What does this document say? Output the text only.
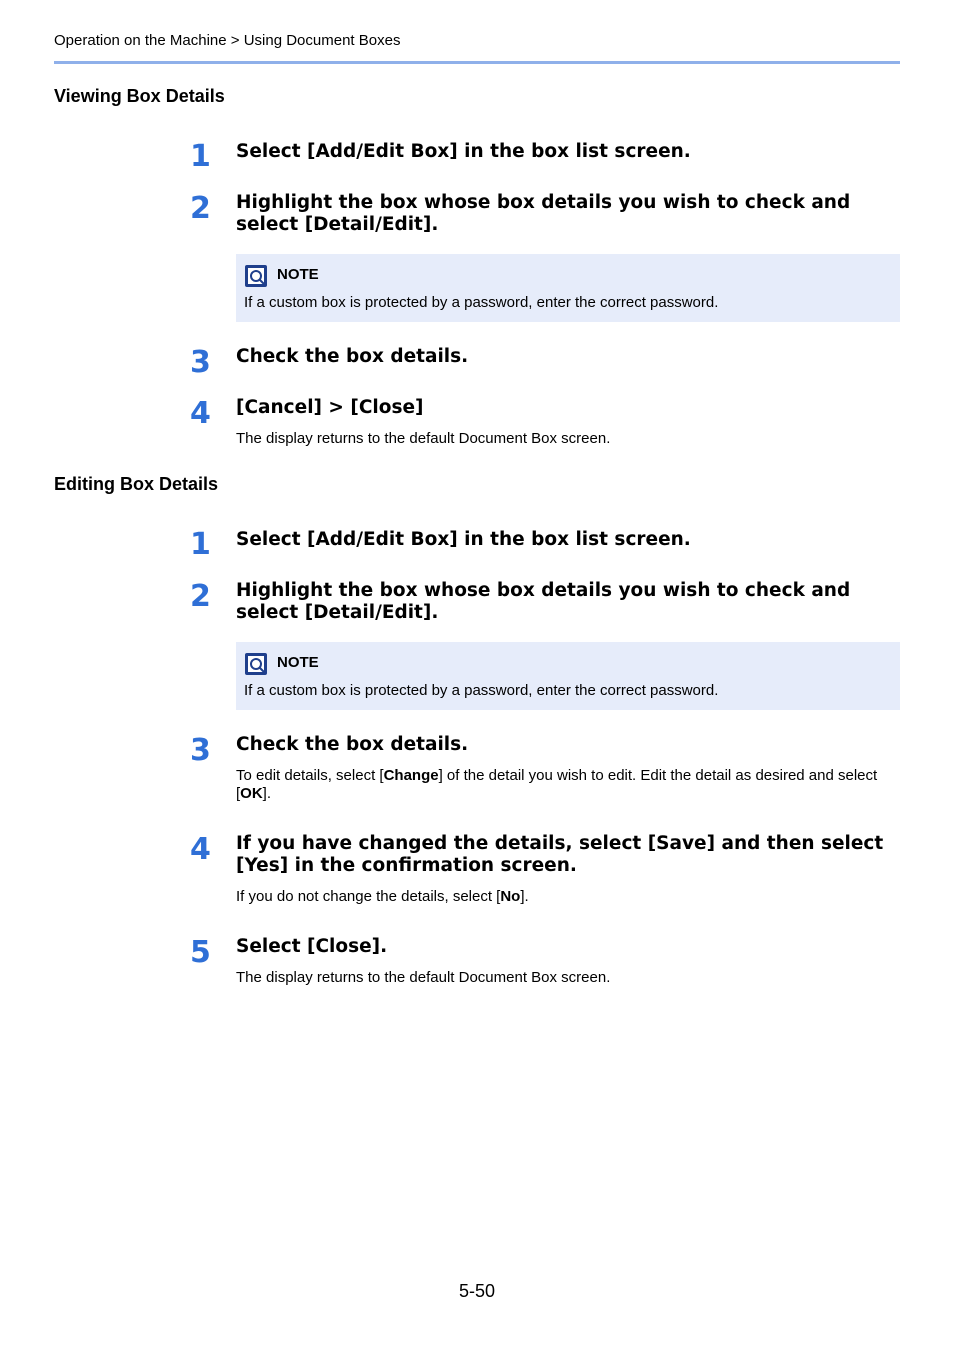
Operation on the Machine > Using Document Boxes
Viewing Box Details
1	Select [Add/Edit Box] in the box list screen.
2	Highlight the box whose box details you wish to check and select [Detail/Edit].
NOTE
If a custom box is protected by a password, enter the correct password.
3	Check the box details.
4	[Cancel] > [Close]
The display returns to the default Document Box screen.
Editing Box Details
1	Select [Add/Edit Box] in the box list screen.
2	Highlight the box whose box details you wish to check and select [Detail/Edit].
NOTE
If a custom box is protected by a password, enter the correct password.
3	Check the box details.
To edit details, select [Change] of the detail you wish to edit. Edit the detail as desired and select [OK].
4	If you have changed the details, select [Save] and then select [Yes] in the confirmation screen.
If you do not change the details, select [No].
5	Select [Close].
The display returns to the default Document Box screen.
5-50
